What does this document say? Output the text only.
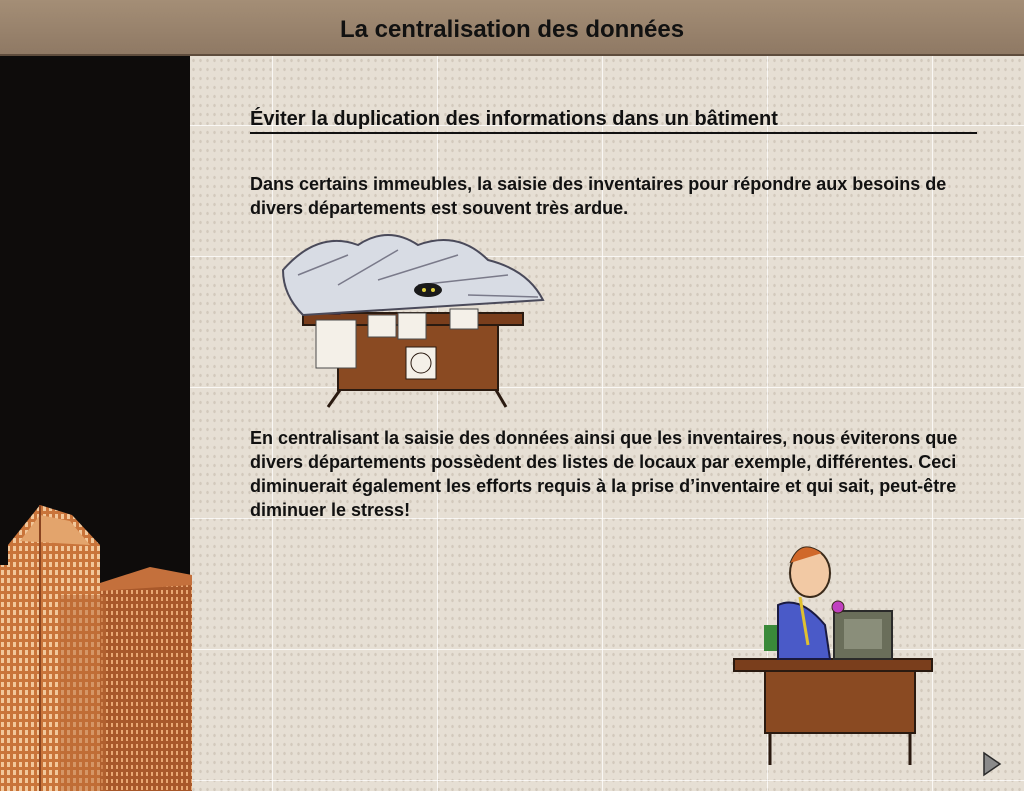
La centralisation des données
Éviter la duplication des informations dans un bâtiment
Dans certains immeubles, la saisie des inventaires pour répondre aux besoins de divers départements est souvent très ardue.
En centralisant la saisie des données ainsi que les inventaires, nous éviterons que divers départements possèdent des listes de locaux par exemple, différentes. Ceci diminuerait également les efforts requis à la prise d’inventaire et qui sait, peut-être diminuer le stress!
